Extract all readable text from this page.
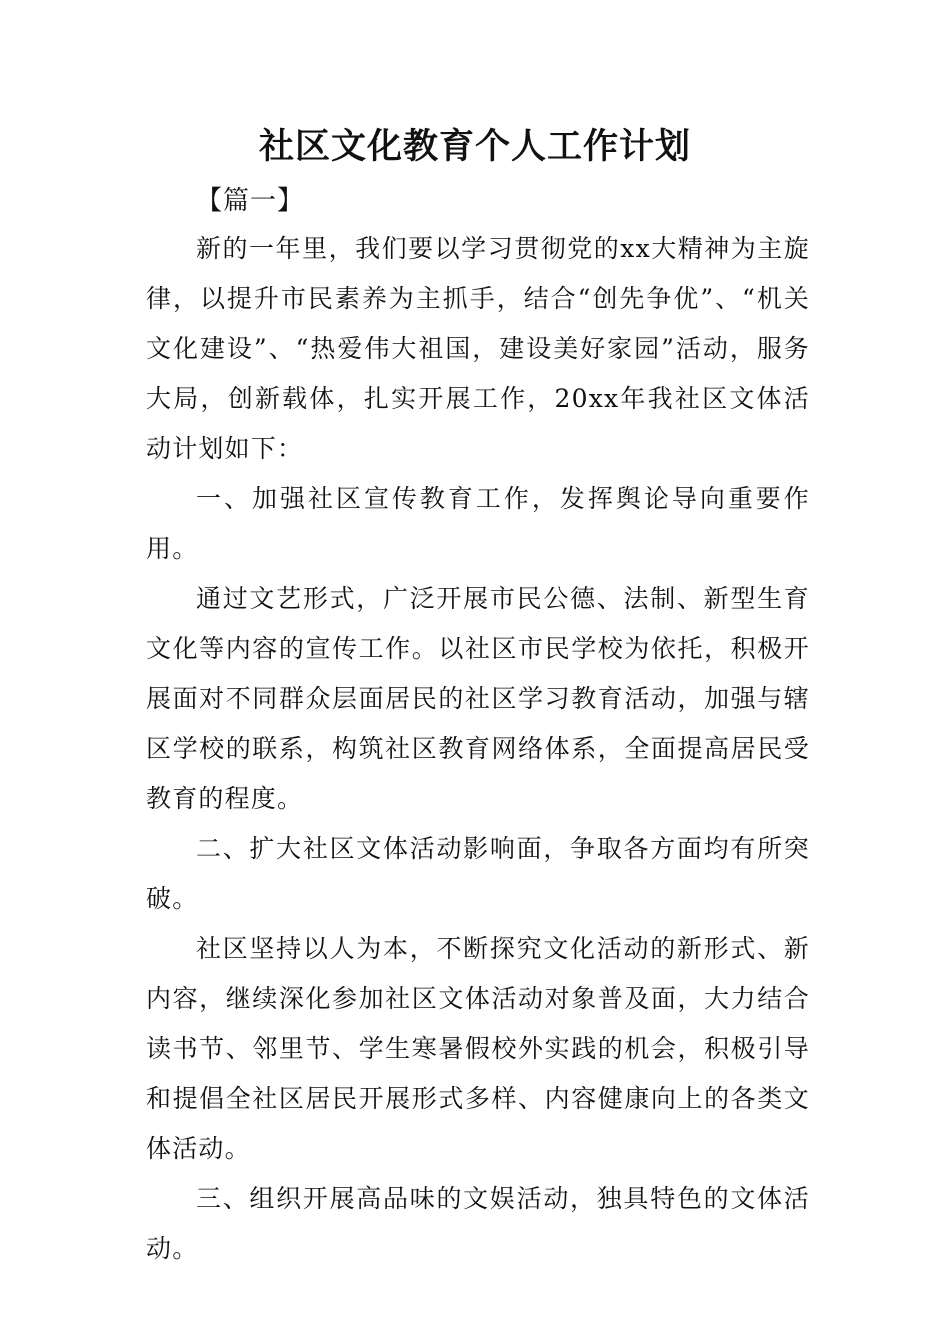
社区文化教育个人工作计划

【篇一】

新的一年里，我们要以学习贯彻党的xx大精神为主旋律，以提升市民素养为主抓手，结合“创先争优”、“机关文化建设”、“热爱伟大祖国，建设美好家园”活动，服务大局，创新载体，扎实开展工作，20xx年我社区文体活动计划如下：

一、加强社区宣传教育工作，发挥舆论导向重要作用。

通过文艺形式，广泛开展市民公德、法制、新型生育文化等内容的宣传工作。以社区市民学校为依托，积极开展面对不同群众层面居民的社区学习教育活动，加强与辖区学校的联系，构筑社区教育网络体系，全面提高居民受教育的程度。

二、扩大社区文体活动影响面，争取各方面均有所突破。

社区坚持以人为本，不断探究文化活动的新形式、新内容，继续深化参加社区文体活动对象普及面，大力结合读书节、邻里节、学生寒暑假校外实践的机会，积极引导和提倡全社区居民开展形式多样、内容健康向上的各类文体活动。

三、组织开展高品味的文娱活动，独具特色的文体活动。
